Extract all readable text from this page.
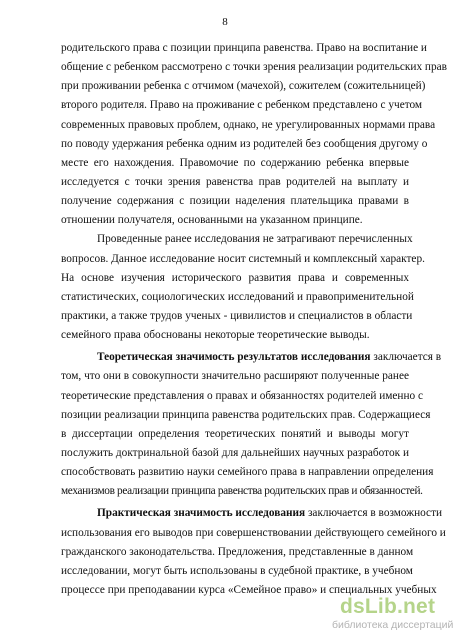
8
родительского права с позиции принципа равенства. Право на воспитание и
общение с ребенком рассмотрено с точки зрения реализации родительских прав
при проживании ребенка с отчимом (мачехой), сожителем (сожительницей)
второго родителя. Право на проживание с ребенком представлено с учетом
современных правовых проблем, однако, не урегулированных нормами права
по поводу удержания ребенка одним из родителей без сообщения другому о
месте его нахождения. Правомочие по содержанию ребенка впервые
исследуется с точки зрения равенства прав родителей на выплату и
получение содержания с позиции наделения плательщика правами в
отношении получателя, основанными на указанном принципе.
Проведенные ранее исследования не затрагивают перечисленных
вопросов. Данное исследование носит системный и комплексный характер.
На основе изучения исторического развития права и современных
статистических, социологических исследований и правоприменительной
практики, а также трудов ученых - цивилистов и специалистов в области
семейного права обоснованы некоторые теоретические выводы.
Теоретическая значимость результатов исследования заключается в
том, что они в совокупности значительно расширяют полученные ранее
теоретические представления о правах и обязанностях родителей именно с
позиции реализации принципа равенства родительских прав. Содержащиеся
в диссертации определения теоретических понятий и выводы могут
послужить доктринальной базой для дальнейших научных разработок и
способствовать развитию науки семейного права в направлении определения
механизмов реализации принципа равенства родительских прав и обязанностей.
Практическая значимость исследования заключается в возможности
использования его выводов при совершенствовании действующего семейного и
гражданского законодательства. Предложения, представленные в данном
исследовании, могут быть использованы в судебной практике, в учебном
процессе при преподавании курса «Семейное право» и специальных учебных
dsLib.net
библиотека диссертаций
